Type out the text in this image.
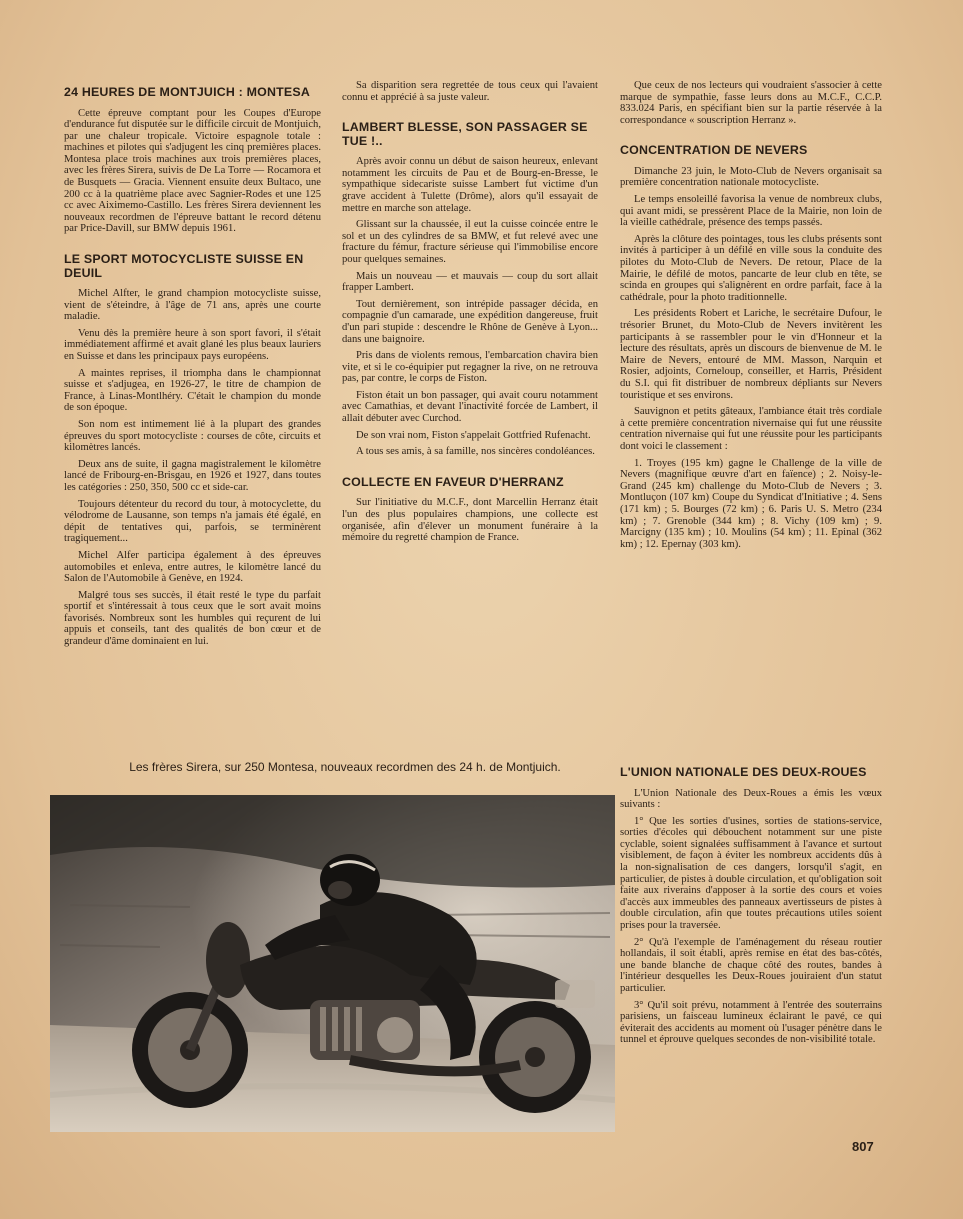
24 HEURES DE MONTJUICH : MONTESA

Cette épreuve comptant pour les Coupes d'Europe d'endurance fut disputée sur le difficile circuit de Montjuich, par une chaleur tropicale. Victoire espagnole totale : machines et pilotes qui s'adjugent les cinq premières places. Montesa place trois machines aux trois premières places, avec les frères Sirera, suivis de De La Torre — Rocamora et de Busquets — Gracia. Viennent ensuite deux Bultaco, une 200 cc à la quatrième place avec Sagnier-Rodes et une 125 cc avec Aiximemo-Castillo. Les frères Sirera deviennent les nouveaux recordmen de l'épreuve battant le record détenu par Price-Davill, sur BMW depuis 1961.

LE SPORT MOTOCYCLISTE SUISSE EN DEUIL

Michel Alfter, le grand champion motocycliste suisse, vient de s'éteindre, à l'âge de 71 ans, après une courte maladie.

Venu dès la première heure à son sport favori, il s'était immédiatement affirmé et avait glané les plus beaux lauriers en Suisse et dans les principaux pays européens.

A maintes reprises, il triompha dans le championnat suisse et s'adjugea, en 1926-27, le titre de champion de France, à Linas-Montlhéry. C'était le champion du monde de son époque.

Son nom est intimement lié à la plupart des grandes épreuves du sport motocycliste : courses de côte, circuits et kilomètres lancés.

Deux ans de suite, il gagna magistralement le kilomètre lancé de Fribourg-en-Brisgau, en 1926 et 1927, dans toutes les catégories : 250, 350, 500 cc et side-car.

Toujours détenteur du record du tour, à motocyclette, du vélodrome de Lausanne, son temps n'a jamais été égalé, en dépit de tentatives qui, parfois, se terminèrent tragiquement...

Michel Alfer participa également à des épreuves automobiles et enleva, entre autres, le kilomètre lancé du Salon de l'Automobile à Genève, en 1924.

Malgré tous ses succès, il était resté le type du parfait sportif et s'intéressait à tous ceux que le sort avait moins favorisés. Nombreux sont les humbles qui reçurent de lui appuis et conseils, tant des qualités de bon cœur et de grandeur d'âme dominaient en lui.

Sa disparition sera regrettée de tous ceux qui l'avaient connu et apprécié à sa juste valeur.

LAMBERT BLESSE, SON PASSAGER SE TUE !..

Après avoir connu un début de saison heureux, enlevant notamment les circuits de Pau et de Bourg-en-Bresse, le sympathique sidecariste suisse Lambert fut victime d'un grave accident à Tulette (Drôme), alors qu'il essayait de mettre en marche son attelage.

Glissant sur la chaussée, il eut la cuisse coincée entre le sol et un des cylindres de sa BMW, et fut relevé avec une fracture du fémur, fracture sérieuse qui l'immobilise encore pour quelques semaines.

Mais un nouveau — et mauvais — coup du sort allait frapper Lambert.

Tout dernièrement, son intrépide passager décida, en compagnie d'un camarade, une expédition dangereuse, fruit d'un pari stupide : descendre le Rhône de Genève à Lyon... dans une baignoire.

Pris dans de violents remous, l'embarcation chavira bien vite, et si le co-équipier put regagner la rive, on ne retrouva pas, par contre, le corps de Fiston.

Fiston était un bon passager, qui avait couru notamment avec Camathias, et devant l'inactivité forcée de Lambert, il allait débuter avec Curchod.

De son vrai nom, Fiston s'appelait Gottfried Rufenacht.

A tous ses amis, à sa famille, nos sincères condoléances.

COLLECTE EN FAVEUR D'HERRANZ

Sur l'initiative du M.C.F., dont Marcellin Herranz était l'un des plus populaires champions, une collecte est organisée, afin d'élever un monument funéraire à la mémoire du regretté champion de France.

Que ceux de nos lecteurs qui voudraient s'associer à cette marque de sympathie, fasse leurs dons au M.C.F., C.C.P. 833.024 Paris, en spécifiant bien sur la partie réservée à la correspondance « souscription Herranz ».

CONCENTRATION DE NEVERS

Dimanche 23 juin, le Moto-Club de Nevers organisait sa première concentration nationale motocycliste.

Le temps ensoleillé favorisa la venue de nombreux clubs, qui avant midi, se pressèrent Place de la Mairie, non loin de la vieille cathédrale, présence des temps passés.

Après la clôture des pointages, tous les clubs présents sont invités à participer à un défilé en ville sous la conduite des pilotes du Moto-Club de Nevers. De retour, Place de la Mairie, le défilé de motos, pancarte de leur club en tête, se scinda en groupes qui s'alignèrent en ordre parfait, face à la cathédrale, pour la photo traditionnelle.

Les présidents Robert et Lariche, le secrétaire Dufour, le trésorier Brunet, du Moto-Club de Nevers invitèrent les participants à se rassembler pour le vin d'Honneur et la lecture des résultats, après un discours de bienvenue de M. le Maire de Nevers, entouré de MM. Masson, Narquin et Rosier, adjoints, Corneloup, conseiller, et Harris, Président du S.I. qui fit distribuer de nombreux dépliants sur Nevers touristique et ses environs.

Sauvignon et petits gâteaux, l'ambiance était très cordiale à cette première concentration nivernaise qui fut une réussite centration nivernaise qui fut une réussite pour les participants dont voici le classement :

1. Troyes (195 km) gagne le Challenge de la ville de Nevers (magnifique œuvre d'art en faïence) ; 2. Noisy-le-Grand (245 km) challenge du Moto-Club de Nevers ; 3. Montluçon (107 km) Coupe du Syndicat d'Initiative ; 4. Sens (171 km) ; 5. Bourges (72 km) ; 6. Paris U. S. Metro (234 km) ; 7. Grenoble (344 km) ; 8. Vichy (109 km) ; 9. Marcigny (135 km) ; 10. Moulins (54 km) ; 11. Epinal (362 km) ; 12. Epernay (303 km).

L'UNION NATIONALE DES DEUX-ROUES

L'Union Nationale des Deux-Roues a émis les vœux suivants :

1° Que les sorties d'usines, sorties de stations-service, sorties d'écoles qui débouchent notamment sur une piste cyclable, soient signalées suffisamment à l'avance et surtout visiblement, de façon à éviter les nombreux accidents dûs à la non-signalisation de ces dangers, lorsqu'il s'agit, en particulier, de pistes à double circulation, et qu'obligation soit faite aux riverains d'apposer à la sortie des cours et voies d'accès aux immeubles des panneaux avertisseurs de pistes à double circulation, afin que toutes précautions utiles soient prises pour la traversée.

2° Qu'à l'exemple de l'aménagement du réseau routier hollandais, il soit établi, après remise en état des bas-côtés, une bande blanche de chaque côté des routes, bandes à l'intérieur desquelles les Deux-Roues jouiraient d'un statut particulier.

3° Qu'il soit prévu, notamment à l'entrée des souterrains parisiens, un faisceau lumineux éclairant le pavé, ce qui éviterait des accidents au moment où l'usager pénètre dans le tunnel et éprouve quelques secondes de non-visibilité totale.

Les frères Sirera, sur 250 Montesa, nouveaux recordmen des 24 h. de Montjuich.
807
